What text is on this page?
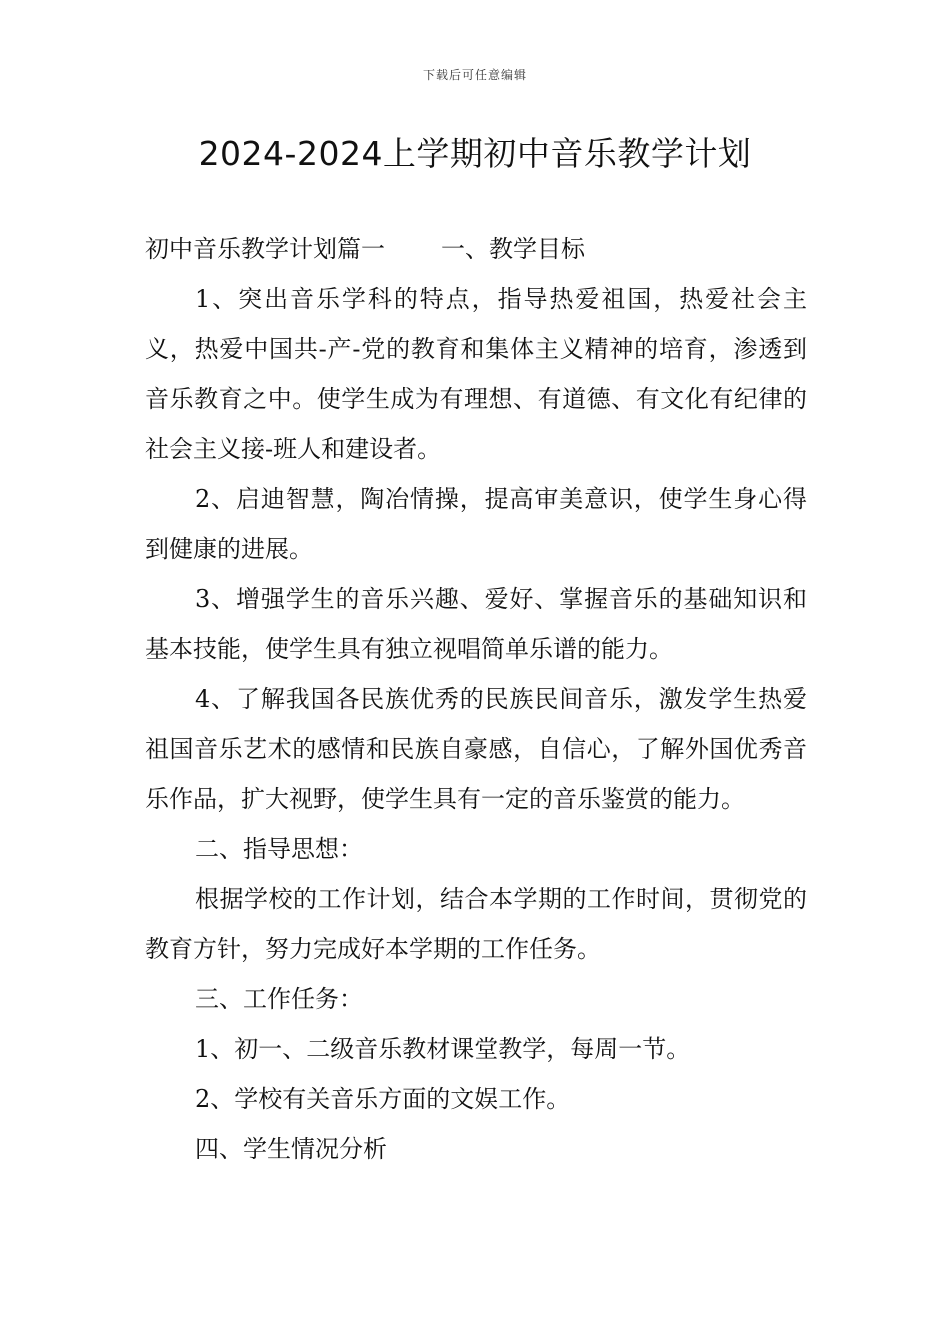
下载后可任意编辑
2024-2024上学期初中音乐教学计划

初中音乐教学计划篇一 一、教学目标

1、突出音乐学科的特点，指导热爱祖国，热爱社会主义，热爱中国共-产-党的教育和集体主义精神的培育，渗透到音乐教育之中。使学生成为有理想、有道德、有文化有纪律的社会主义接-班人和建设者。

2、启迪智慧，陶冶情操，提高审美意识，使学生身心得到健康的进展。

3、增强学生的音乐兴趣、爱好、掌握音乐的基础知识和基本技能，使学生具有独立视唱简单乐谱的能力。

4、了解我国各民族优秀的民族民间音乐，激发学生热爱祖国音乐艺术的感情和民族自豪感，自信心，了解外国优秀音乐作品，扩大视野，使学生具有一定的音乐鉴赏的能力。

二、指导思想：

根据学校的工作计划，结合本学期的工作时间，贯彻党的教育方针，努力完成好本学期的工作任务。

三、工作任务：

1、初一、二级音乐教材课堂教学，每周一节。

2、学校有关音乐方面的文娱工作。

四、学生情况分析
